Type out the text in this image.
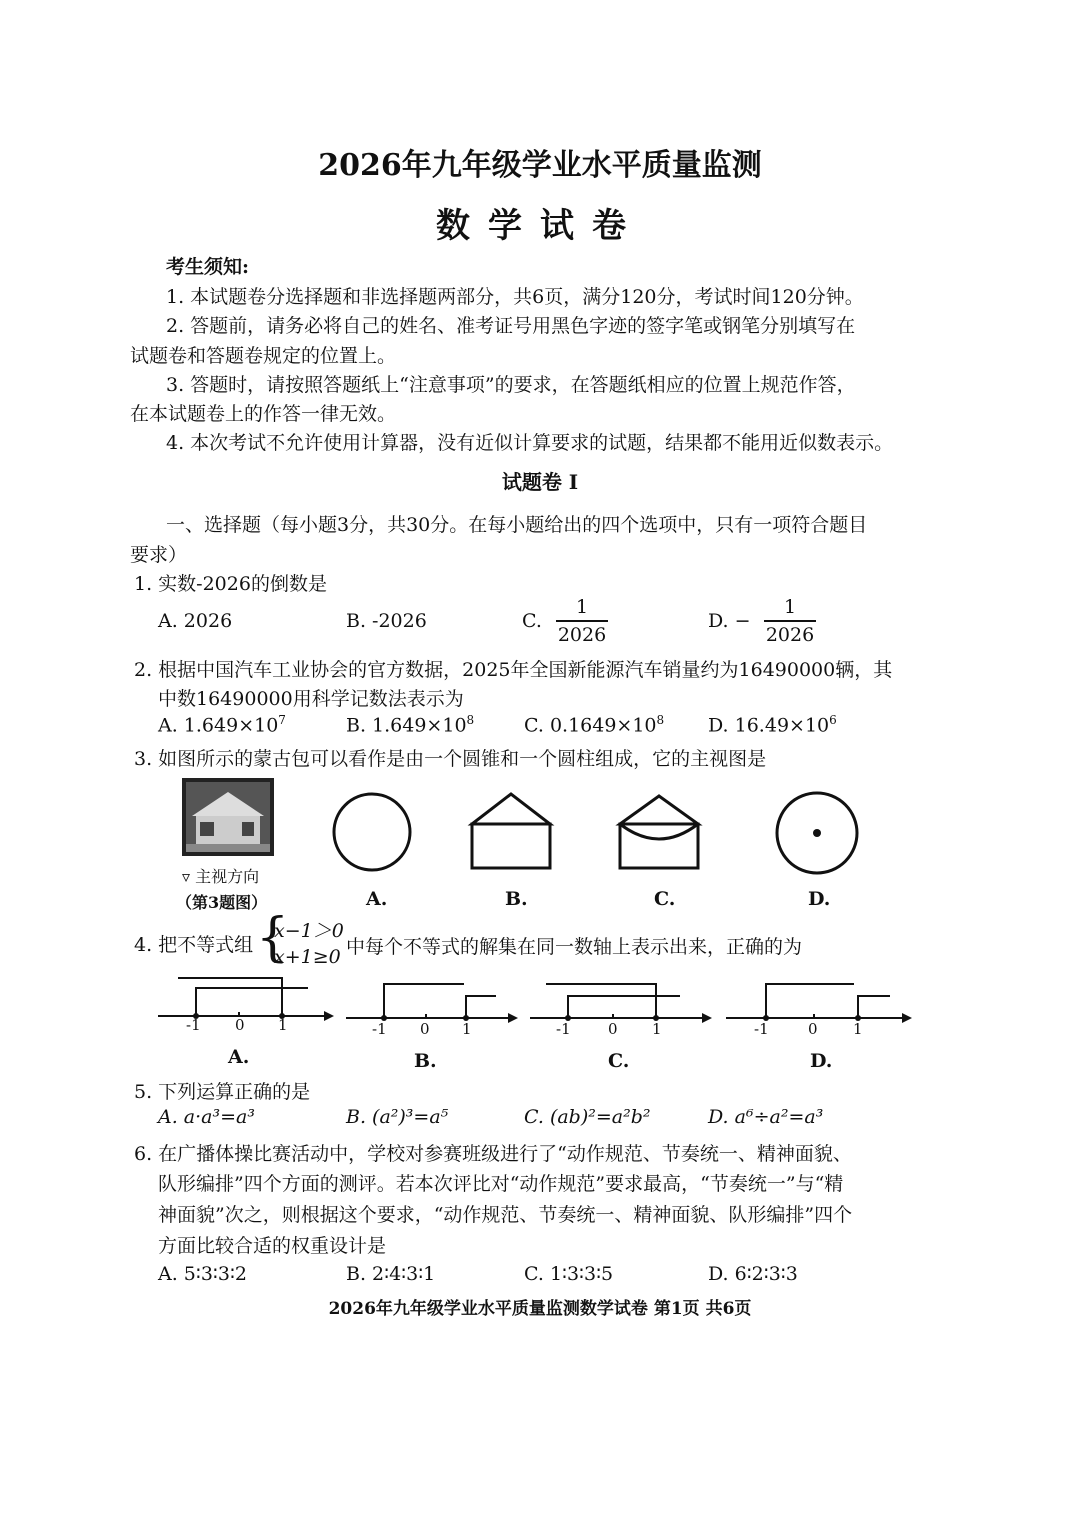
2026年九年级学业水平质量监测
数学试卷
考生须知:
1. 本试题卷分选择题和非选择题两部分，共6页，满分120分，考试时间120分钟。
2. 答题前，请务必将自己的姓名、准考证号用黑色字迹的签字笔或钢笔分别填写在
试题卷和答题卷规定的位置上。
3. 答题时，请按照答题纸上“注意事项”的要求，在答题纸相应的位置上规范作答，
在本试题卷上的作答一律无效。
4. 本次考试不允许使用计算器，没有近似计算要求的试题，结果都不能用近似数表示。
试题卷 I
一、选择题（每小题3分，共30分。在每小题给出的四个选项中，只有一项符合题目
要求）
1. 实数-2026的倒数是
A. 2026	B. -2026	C. $\frac{1}{2026}$	D. − $\frac{1}{2026}$
2. 根据中国汽车工业协会的官方数据，2025年全国新能源汽车销量约为16490000辆，其
中数16490000用科学记数法表示为
A. $1.649\times 10^7$	B. $1.649\times 10^8$	C. $0.1649\times 10^8$ D. $16.49\times 10^6$
3. 如图所示的蒙古包可以看作是由一个圆锥和一个圆柱组成，它的主视图是
▿ 主视方向
（第3题图）	A.	B.	C.	D.
4. 把不等式组 {
x−1＞0
x+1≥0 中每个不等式的解集在同一数轴上表示出来，正确的为
-1 0 1
A.
-1 0 1
B.
-1 0 1
C.
-1	0 1
D.
5. 下列运算正确的是
A. a·a³=a³	B. (a²)³=a⁵	C. (ab)²=a²b²	D. a⁶÷a²=a³
6. 在广播体操比赛活动中，学校对参赛班级进行了“动作规范、节奏统一、精神面貌、
队形编排”四个方面的测评。若本次评比对“动作规范”要求最高，“节奏统一”与“精
神面貌”次之，则根据这个要求，“动作规范、节奏统一、精神面貌、队形编排”四个
方面比较合适的权重设计是
A. 5∶3∶3∶2	B. 2∶4∶3∶1	C. 1∶3∶3∶5	D. 6∶2∶3∶3
2026年九年级学业水平质量监测数学试卷 第1页 共6页
